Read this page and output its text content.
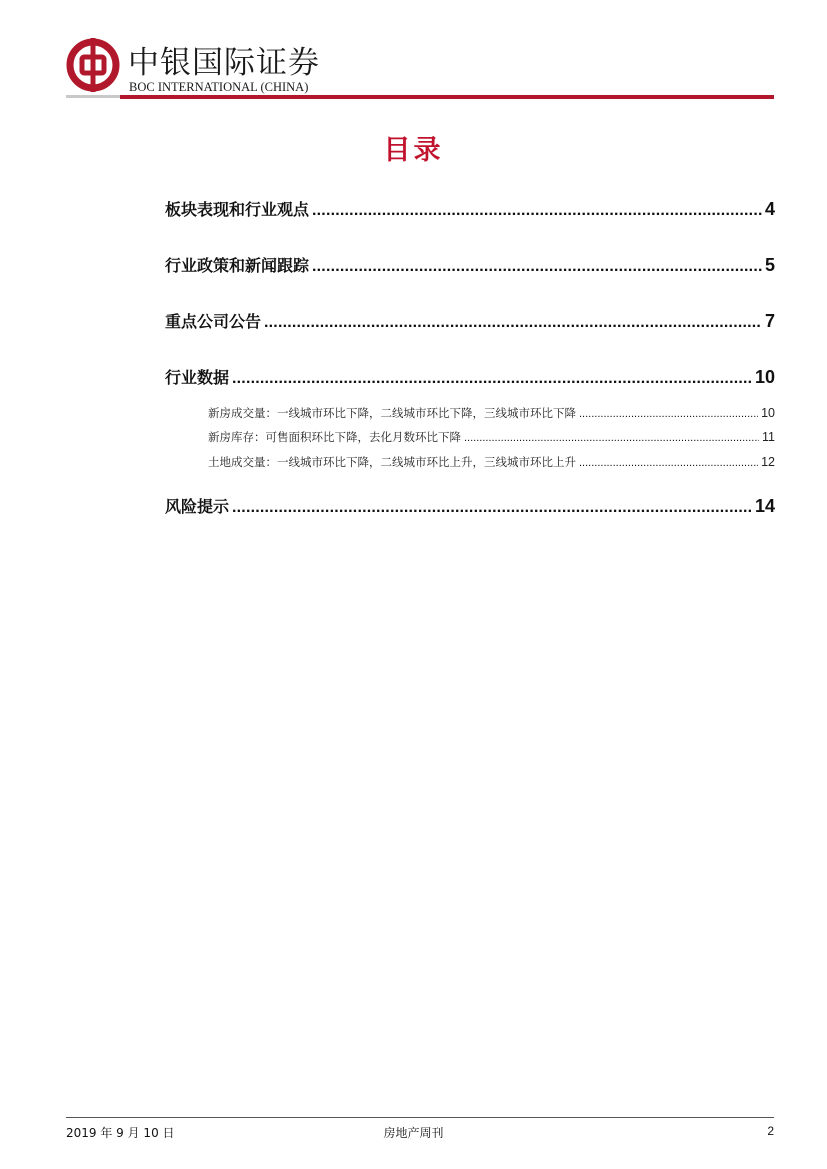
中银国际证券
BOC INTERNATIONAL (CHINA)
目录
板块表现和行业观点 .....	4
行业政策和新闻跟踪 .....	5
重点公司公告 .....	7
行业数据 .....	10
新房成交量：一线城市环比下降，二线城市环比下降，三线城市环比下降 .....	10
新房库存：可售面积环比下降，去化月数环比下降 .....	11
土地成交量：一线城市环比下降，二线城市环比上升，三线城市环比上升 .....	12
风险提示 .....	14
2019 年 9 月 10 日	房地产周刊	2
